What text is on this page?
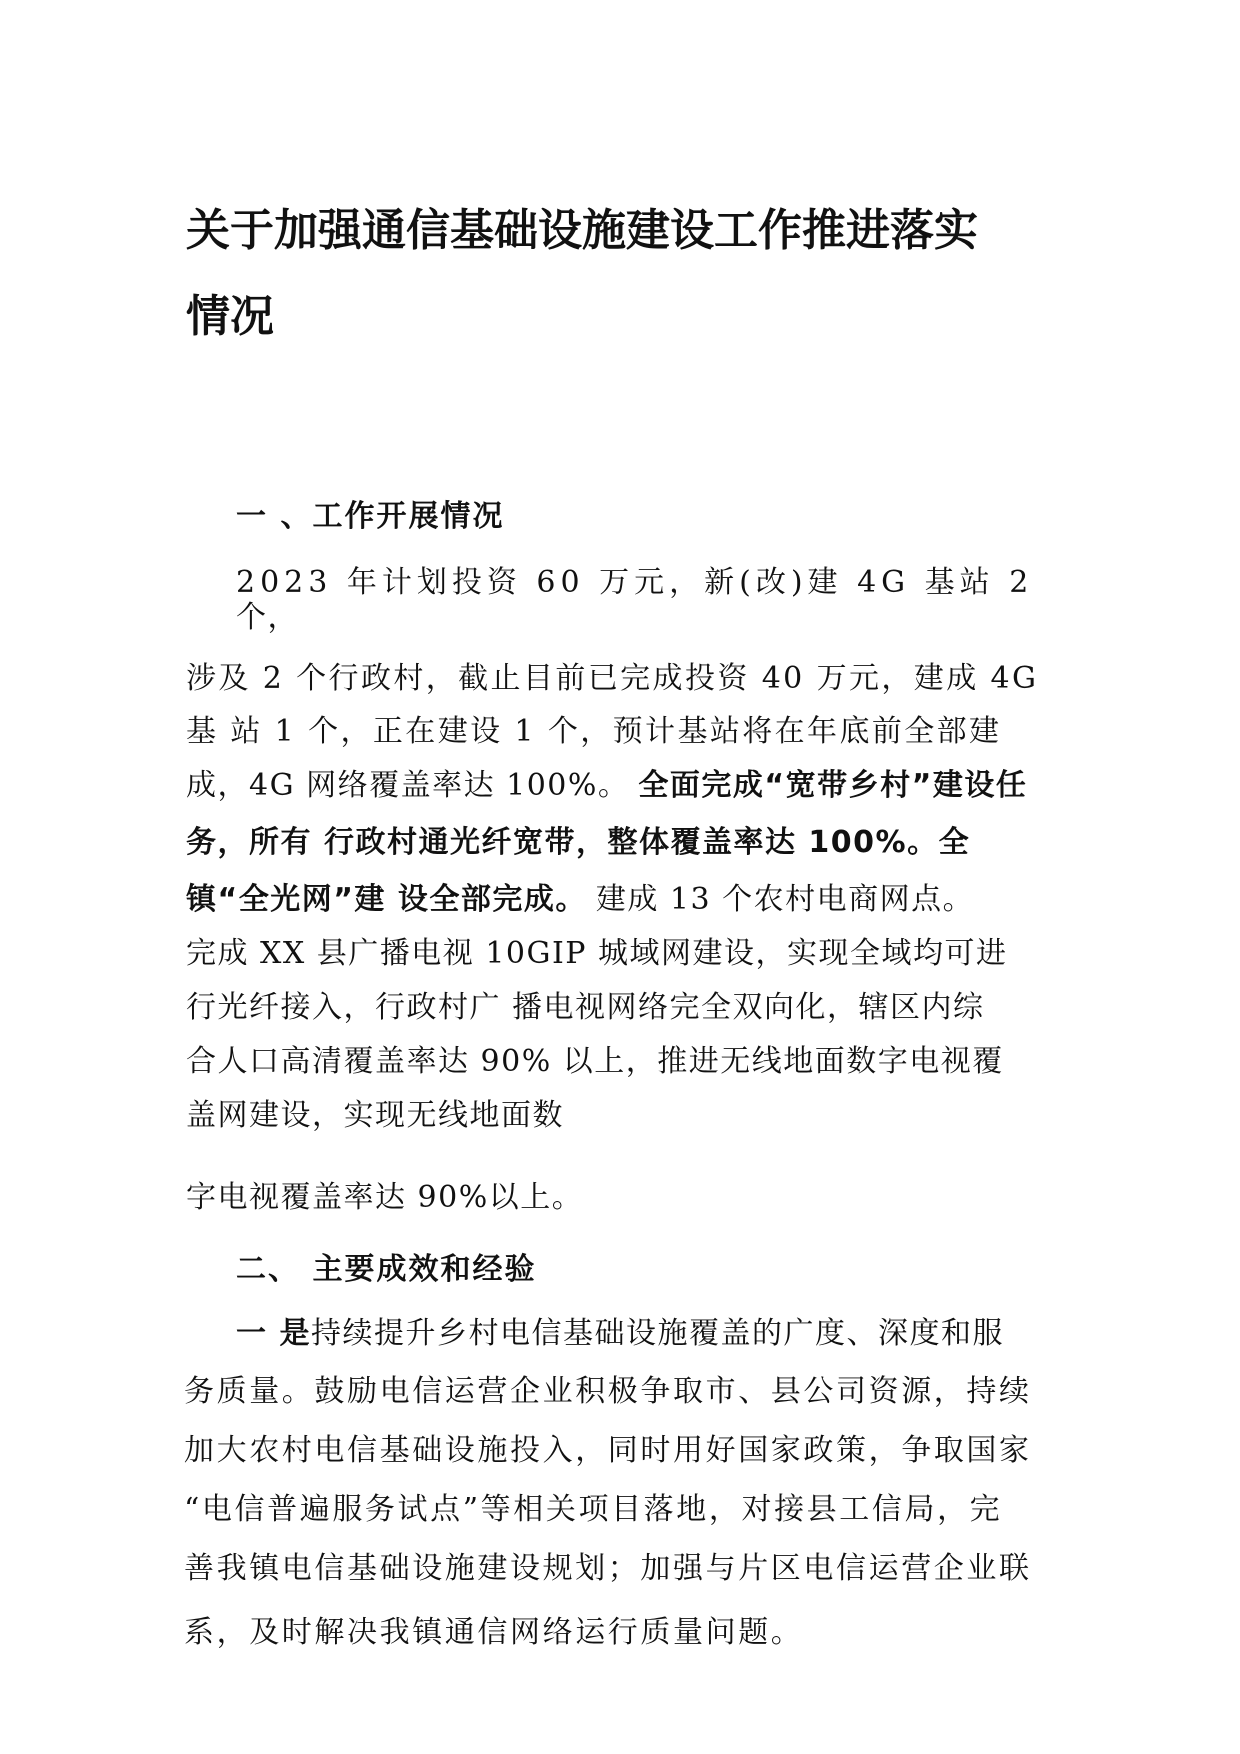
关于加强通信基础设施建设工作推进落实
情况
一 、工作开展情况
2023 年计划投资 60 万元，新(改)建 4G 基站 2
个，
涉及 2 个行政村，截止目前已完成投资 40 万元，建成 4G
基 站 1 个，正在建设 1 个，预计基站将在年底前全部建
成，4G 网络覆盖率达 100%。 全面完成“宽带乡村”建设任
务，所有 行政村通光纤宽带，整体覆盖率达 100%。全
镇“全光网”建 设全部完成。 建成 13 个农村电商网点。
完成 XX 县广播电视 10GIP 城域网建设，实现全域均可进
行光纤接入，行政村广 播电视网络完全双向化，辖区内综
合人口高清覆盖率达 90% 以上，推进无线地面数字电视覆
盖网建设，实现无线地面数
字电视覆盖率达 90%以上。
二、 主要成效和经验
一 是持续提升乡村电信基础设施覆盖的广度、深度和服
务质量。鼓励电信运营企业积极争取市、县公司资源，持续
加大农村电信基础设施投入，同时用好国家政策，争取国家
“电信普遍服务试点”等相关项目落地，对接县工信局，完
善我镇电信基础设施建设规划；加强与片区电信运营企业联
系，及时解决我镇通信网络运行质量问题。
